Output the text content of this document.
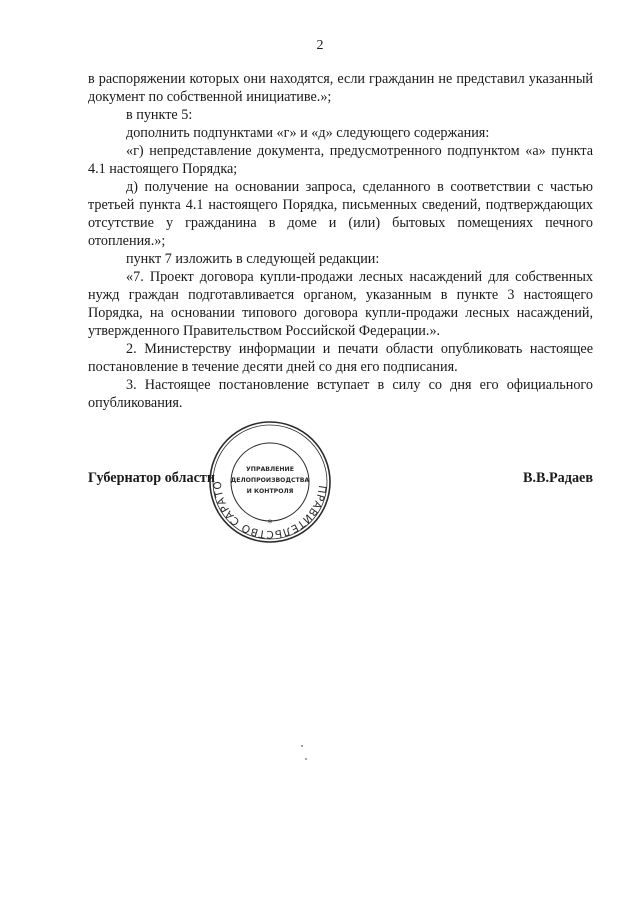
2

в распоряжении которых они находятся, если гражданин не представил указанный документ по собственной инициативе.»;

в пункте 5:

дополнить подпунктами «г» и «д» следующего содержания:

«г) непредставление документа, предусмотренного подпунктом «а» пункта 4.1 настоящего Порядка;

д) получение на основании запроса, сделанного в соответствии с частью третьей пункта 4.1 настоящего Порядка, письменных сведений, подтверждающих отсутствие у гражданина в доме и (или) бытовых помещениях печного отопления.»;

пункт 7 изложить в следующей редакции:

«7. Проект договора купли-продажи лесных насаждений для собственных нужд граждан подготавливается органом, указанным в пункте 3 настоящего Порядка, на основании типового договора купли-продажи лесных насаждений, утвержденного Правительством Российской Федерации.».

2. Министерству информации и печати области опубликовать настоящее постановление в течение десяти дней со дня его подписания.

3. Настоящее постановление вступает в силу со дня его официального опубликования.

Губернатор области	В.В.Радаев
ПРАВИТЕЛЬСТВО САРАТО
*
УПРАВЛЕНИЕ
ДЕЛОПРОИЗВОДСТВА
И КОНТРОЛЯ
